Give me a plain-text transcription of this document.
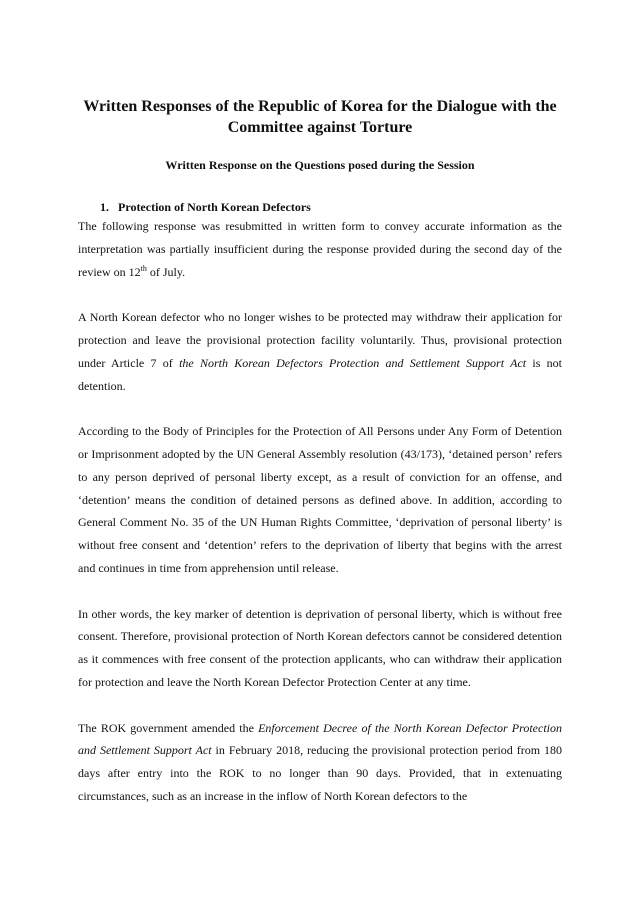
Written Responses of the Republic of Korea for the Dialogue with the Committee against Torture
Written Response on the Questions posed during the Session
1. Protection of North Korean Defectors

The following response was resubmitted in written form to convey accurate information as the interpretation was partially insufficient during the response provided during the second day of the review on 12th of July.

A North Korean defector who no longer wishes to be protected may withdraw their application for protection and leave the provisional protection facility voluntarily. Thus, provisional protection under Article 7 of the North Korean Defectors Protection and Settlement Support Act is not detention.

According to the Body of Principles for the Protection of All Persons under Any Form of Detention or Imprisonment adopted by the UN General Assembly resolution (43/173), ‘detained person’ refers to any person deprived of personal liberty except, as a result of conviction for an offense, and ‘detention’ means the condition of detained persons as defined above. In addition, according to General Comment No. 35 of the UN Human Rights Committee, ‘deprivation of personal liberty’ is without free consent and ‘detention’ refers to the deprivation of liberty that begins with the arrest and continues in time from apprehension until release.

In other words, the key marker of detention is deprivation of personal liberty, which is without free consent. Therefore, provisional protection of North Korean defectors cannot be considered detention as it commences with free consent of the protection applicants, who can withdraw their application for protection and leave the North Korean Defector Protection Center at any time.

The ROK government amended the Enforcement Decree of the North Korean Defector Protection and Settlement Support Act in February 2018, reducing the provisional protection period from 180 days after entry into the ROK to no longer than 90 days. Provided, that in extenuating circumstances, such as an increase in the inflow of North Korean defectors to the
